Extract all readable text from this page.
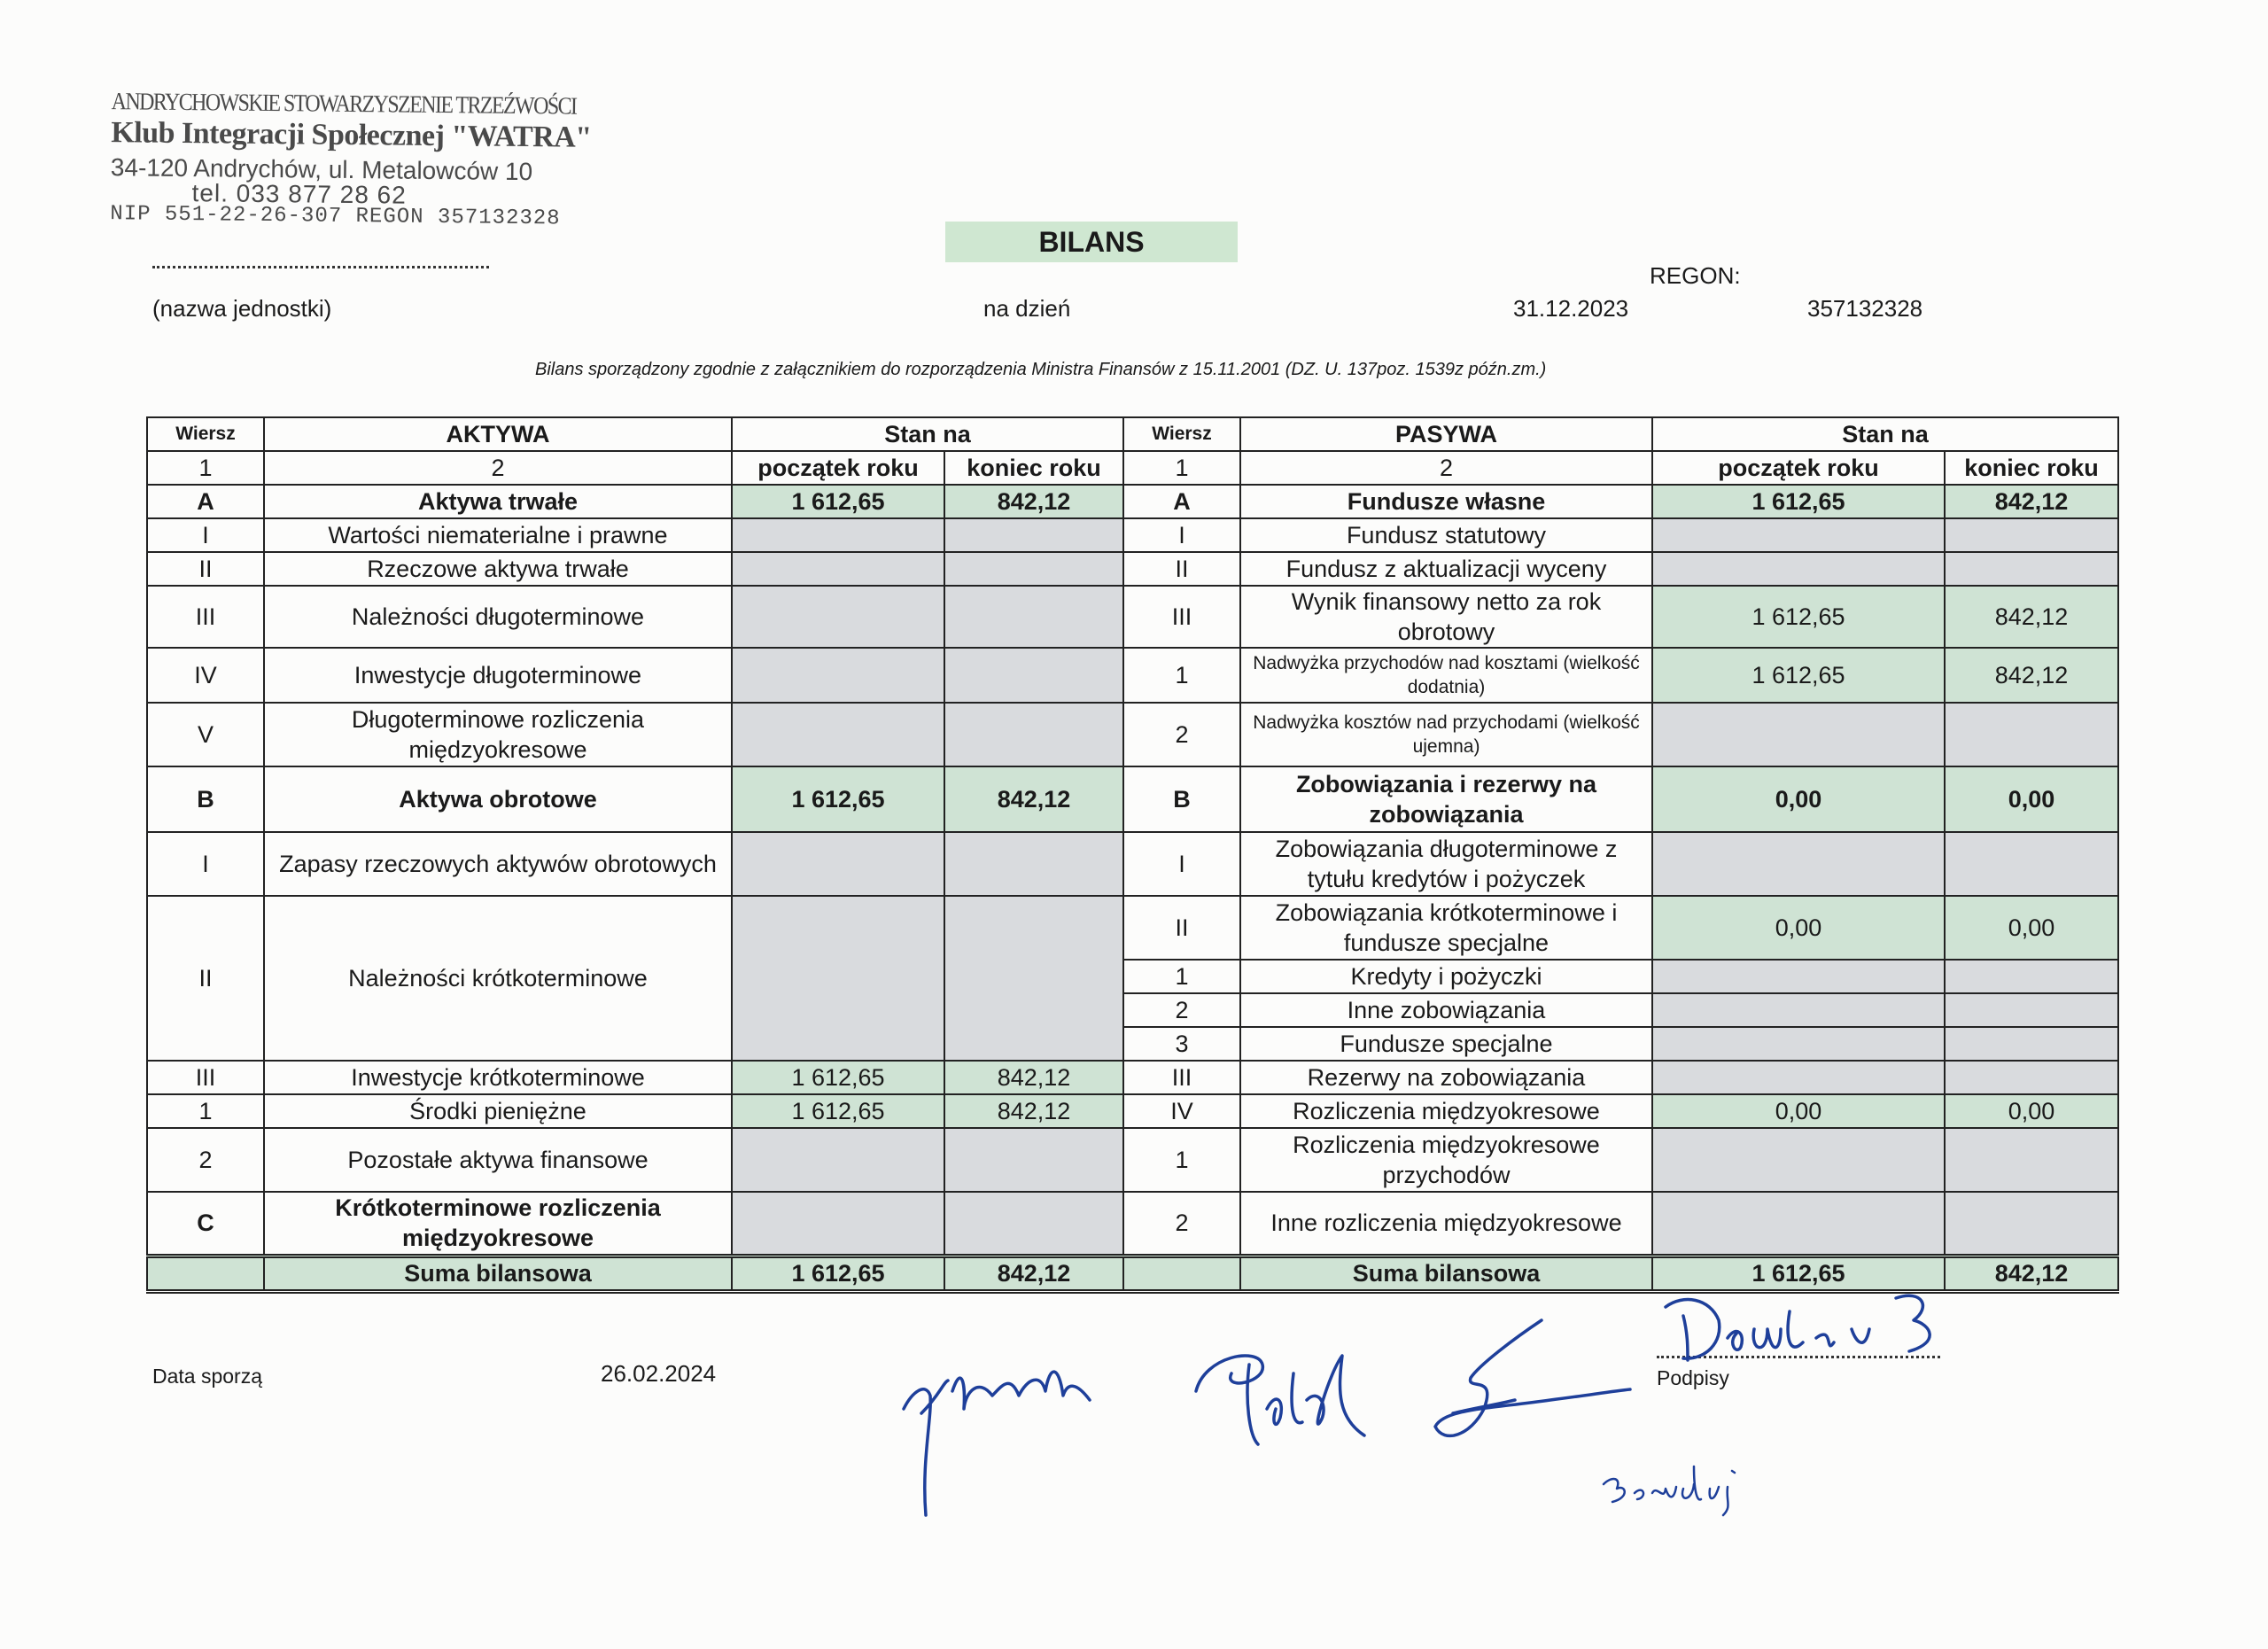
ANDRYCHOWSKIE STOWARZYSZENIE TRZEŹWOŚCI
Klub Integracji Społecznej "WATRA"
34-120 Andrychów, ul. Metalowców 10
tel. 033 877 28 62
NIP 551-22-26-307 REGON 357132328
BILANS
(nazwa jednostki)	na dzień	31.12.2023
REGON:
357132328
Bilans sporządzony zgodnie z załącznikiem do rozporządzenia Ministra Finansów z 15.11.2001 (DZ. U. 137poz. 1539z późn.zm.)
Wiersz	AKTYWA	Stan na		Wiersz	PASYWA	Stan na	
1	2	początek roku	koniec roku	1	2	początek roku	koniec roku
A	Aktywa trwałe	1 612,65	842,12	A	Fundusze własne	1 612,65	842,12
I	Wartości niematerialne i prawne			I	Fundusz statutowy		
II	Rzeczowe aktywa trwałe			II	Fundusz z aktualizacji wyceny		
III	Należności długoterminowe			III	Wynik finansowy netto za rok obrotowy	1 612,65	842,12
IV	Inwestycje długoterminowe			1	Nadwyżka przychodów nad kosztami (wielkość dodatnia)	1 612,65	842,12
V	Długoterminowe rozliczenia międzyokresowe			2	Nadwyżka kosztów nad przychodami (wielkość ujemna)		
B	Aktywa obrotowe	1 612,65	842,12	B	Zobowiązania i rezerwy na zobowiązania	0,00	0,00
I	Zapasy rzeczowych aktywów obrotowych			I	Zobowiązania długoterminowe z tytułu kredytów i pożyczek		
II	Należności krótkoterminowe			II	Zobowiązania krótkoterminowe i fundusze specjalne	0,00	0,00
				1	Kredyty i pożyczki		
				2	Inne zobowiązania		
				3	Fundusze specjalne		
III	Inwestycje krótkoterminowe	1 612,65	842,12	III	Rezerwy na zobowiązania		
1	Środki pieniężne	1 612,65	842,12	IV	Rozliczenia międzyokresowe	0,00	0,00
2	Pozostałe aktywa finansowe			1	Rozliczenia międzyokresowe przychodów		
C	Krótkoterminowe rozliczenia międzyokresowe			2	Inne rozliczenia międzyokresowe		
	Suma bilansowa	1 612,65	842,12		Suma bilansowa	1 612,65	842,12
Data sporzą	26.02.2024	Podpisy
